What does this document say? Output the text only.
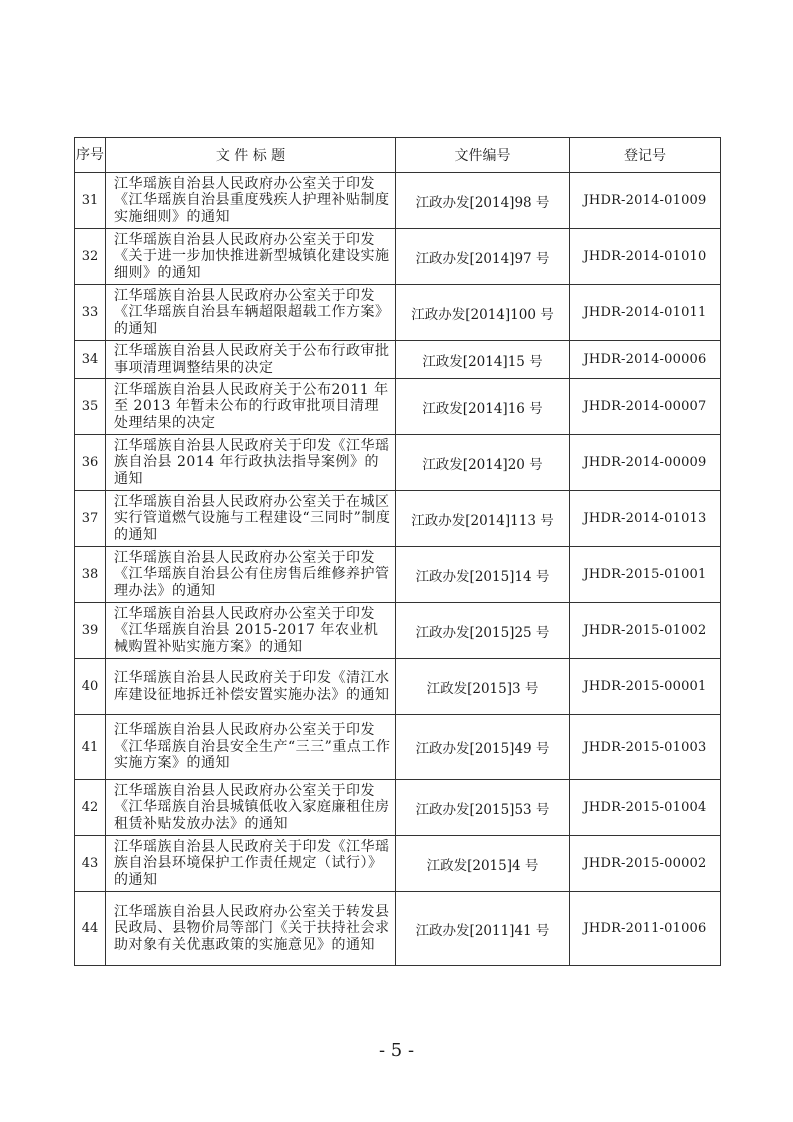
序号	文 件 标 题	文件编号	登记号
31	江华瑶族自治县人民政府办公室关于印发《江华瑶族自治县重度残疾人护理补贴制度实施细则》的通知	江政办发[2014]98 号	JHDR-2014-01009
32	江华瑶族自治县人民政府办公室关于印发《关于进一步加快推进新型城镇化建设实施细则》的通知	江政办发[2014]97 号	JHDR-2014-01010
33	江华瑶族自治县人民政府办公室关于印发《江华瑶族自治县车辆超限超载工作方案》的通知	江政办发[2014]100 号	JHDR-2014-01011
34	江华瑶族自治县人民政府关于公布行政审批事项清理调整结果的决定	江政发[2014]15 号	JHDR-2014-00006
35	江华瑶族自治县人民政府关于公布2011 年至 2013 年暂未公布的行政审批项目清理处理结果的决定	江政发[2014]16 号	JHDR-2014-00007
36	江华瑶族自治县人民政府关于印发《江华瑶族自治县 2014 年行政执法指导案例》的通知	江政发[2014]20 号	JHDR-2014-00009
37	江华瑶族自治县人民政府办公室关于在城区实行管道燃气设施与工程建设“三同时”制度的通知	江政办发[2014]113 号	JHDR-2014-01013
38	江华瑶族自治县人民政府办公室关于印发《江华瑶族自治县公有住房售后维修养护管理办法》的通知	江政办发[2015]14 号	JHDR-2015-01001
39	江华瑶族自治县人民政府办公室关于印发《江华瑶族自治县 2015-2017 年农业机械购置补贴实施方案》的通知	江政办发[2015]25 号	JHDR-2015-01002
40	江华瑶族自治县人民政府关于印发《清江水库建设征地拆迁补偿安置实施办法》的通知	江政发[2015]3 号	JHDR-2015-00001
41	江华瑶族自治县人民政府办公室关于印发《江华瑶族自治县安全生产“三三”重点工作实施方案》的通知	江政办发[2015]49 号	JHDR-2015-01003
42	江华瑶族自治县人民政府办公室关于印发《江华瑶族自治县城镇低收入家庭廉租住房租赁补贴发放办法》的通知	江政办发[2015]53 号	JHDR-2015-01004
43	江华瑶族自治县人民政府关于印发《江华瑶族自治县环境保护工作责任规定（试行）》的通知	江政发[2015]4 号	JHDR-2015-00002
44	江华瑶族自治县人民政府办公室关于转发县民政局、县物价局等部门《关于扶持社会求助对象有关优惠政策的实施意见》的通知	江政办发[2011]41 号	JHDR-2011-01006
- 5 -
